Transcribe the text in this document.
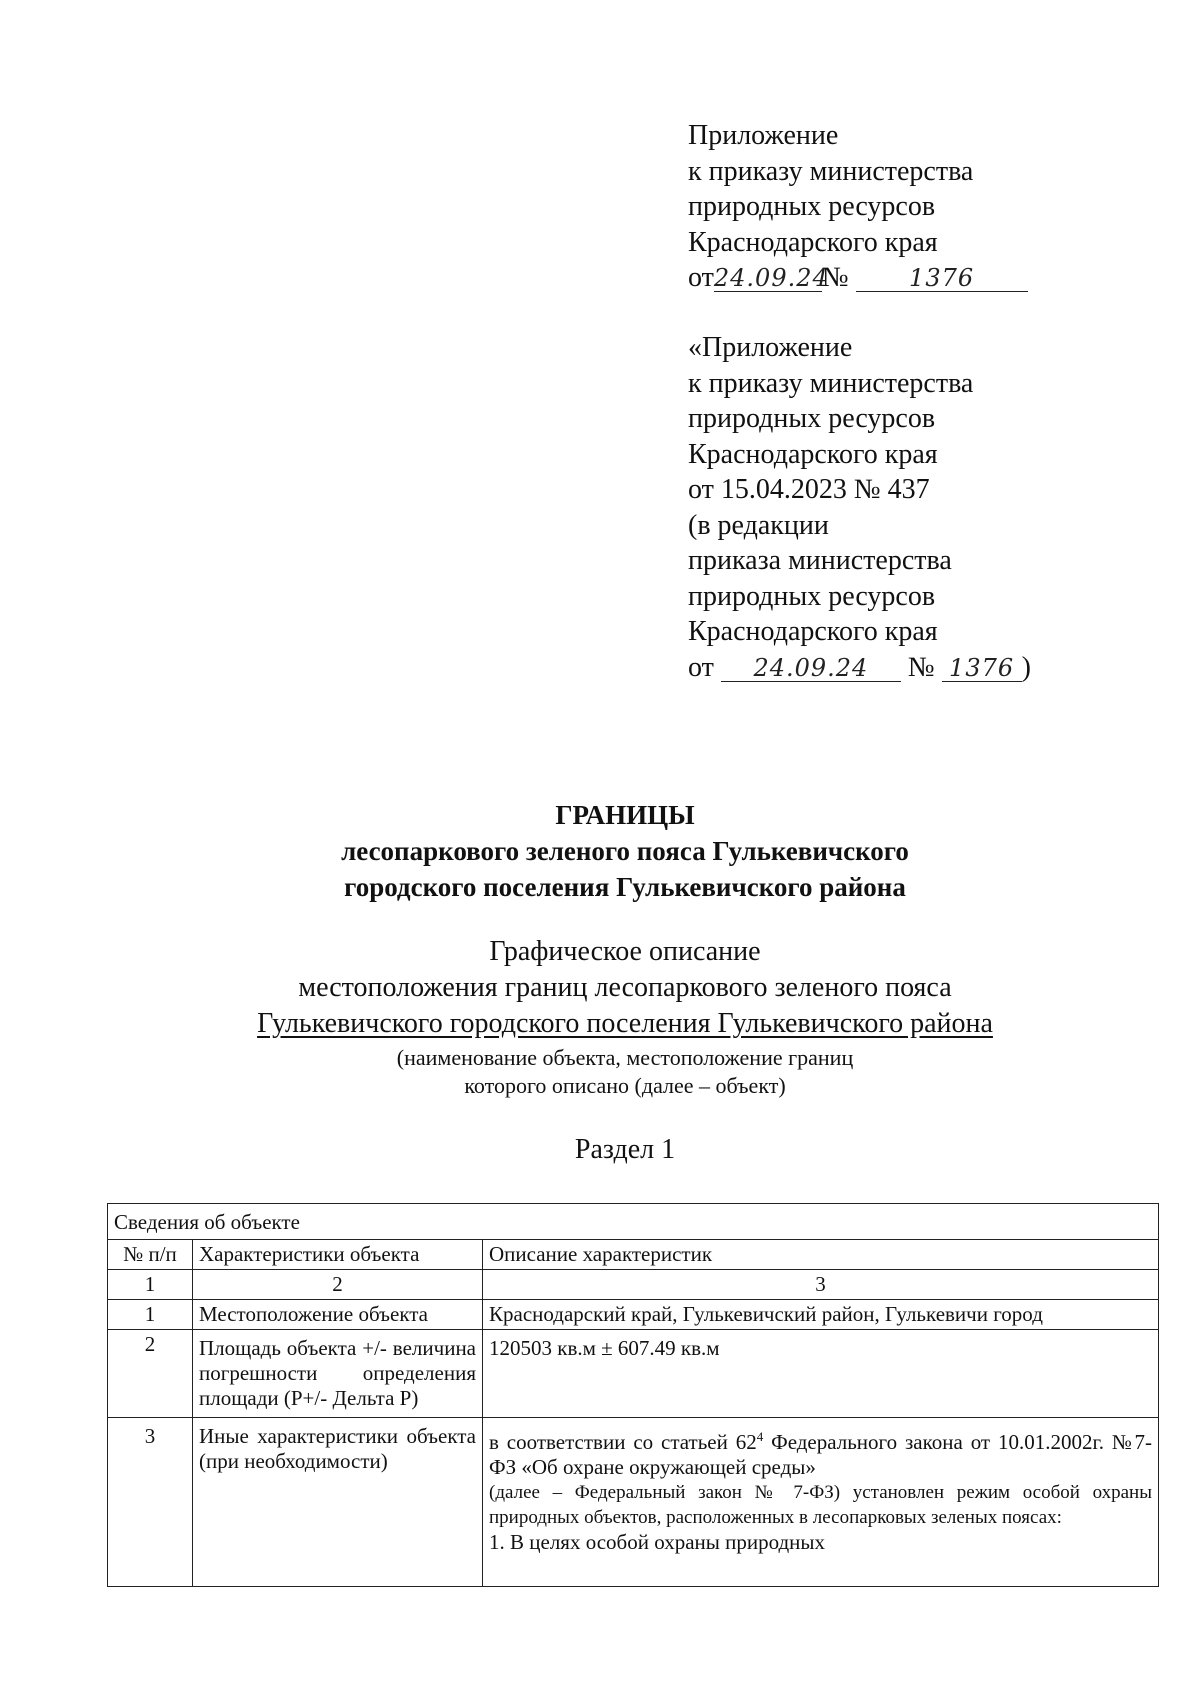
Приложение
к приказу министерства
природных ресурсов
Краснодарского края
от24.09.24№	1376
«Приложение
к приказу министерства
природных ресурсов
Краснодарского края
от 15.04.2023 № 437
(в редакции
приказа министерства
природных ресурсов
Краснодарского края
от 24.09.24 № 1376 )
ГРАНИЦЫ
лесопаркового зеленого пояса Гулькевичского
городского поселения Гулькевичского района
Графическое описание
местоположения границ лесопаркового зеленого пояса
Гулькевичского городского поселения Гулькевичского района
(наименование объекта, местоположение границ
которого описано (далее – объект)
Раздел 1
Сведения об объекте		
№ п/п	Характеристики объекта	Описание характеристик
1	2	3
1	Местоположение объекта	Краснодарский край, Гулькевичский район, Гулькевичи город
2	Площадь объекта +/- величина погрешности определения площади (P+/- Дельта P)	120503 кв.м ± 607.49 кв.м
3	Иные характеристики объекта (при необходимости)	в соответствии со статьей $62^4$ Федерального закона от 10.01.2002г. №7-ФЗ «Об охране окружающей среды»
(далее – Федеральный закон № 7-ФЗ) установлен режим особой охраны природных объектов, расположенных в лесопарковых зеленых поясах:
1. В целях особой охраны природных
